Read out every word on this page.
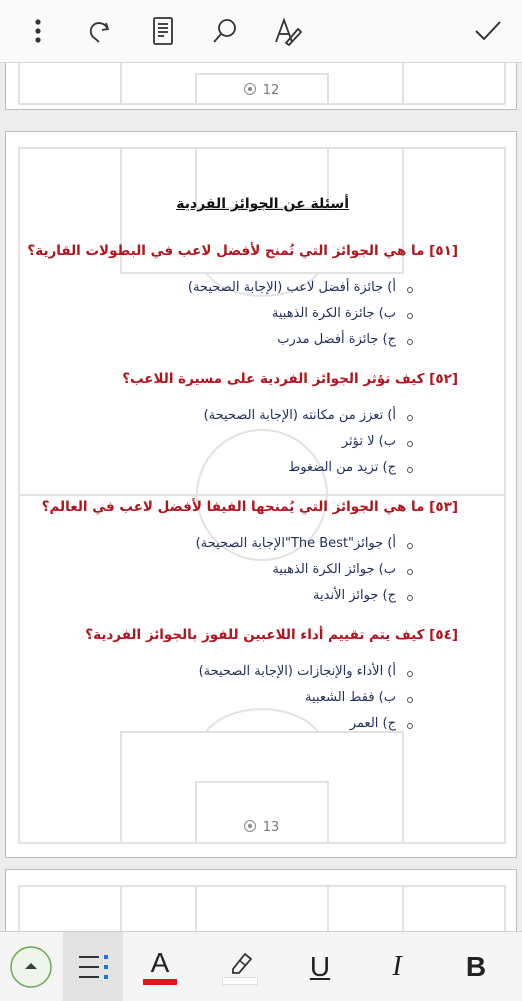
12
أسئلة عن الجوائز الفردية
[٥١] ما هي الجوائز التي تُمنح لأفضل لاعب في البطولات القارية؟
أ) جائزة أفضل لاعب (الإجابة الصحيحة)
ب) جائزة الكرة الذهبية
ج) جائزة أفضل مدرب
[٥٢] كيف تؤثر الجوائز الفردية على مسيرة اللاعب؟
أ) تعزز من مكانته (الإجابة الصحيحة)
ب) لا تؤثر
ج) تزيد من الضغوط
[٥٣] ما هي الجوائز التي يُمنحها الفيفا لأفضل لاعب في العالم؟
أ) جوائز"The Best"الإجابة الصحيحة)
ب) جوائز الكرة الذهبية
ج) جوائز الأندية
[٥٤] كيف يتم تقييم أداء اللاعبين للفوز بالجوائز الفردية؟
أ) الأداء والإنجازات (الإجابة الصحيحة)
ب) فقط الشعبية
ج) العمر
13
A	U I B
